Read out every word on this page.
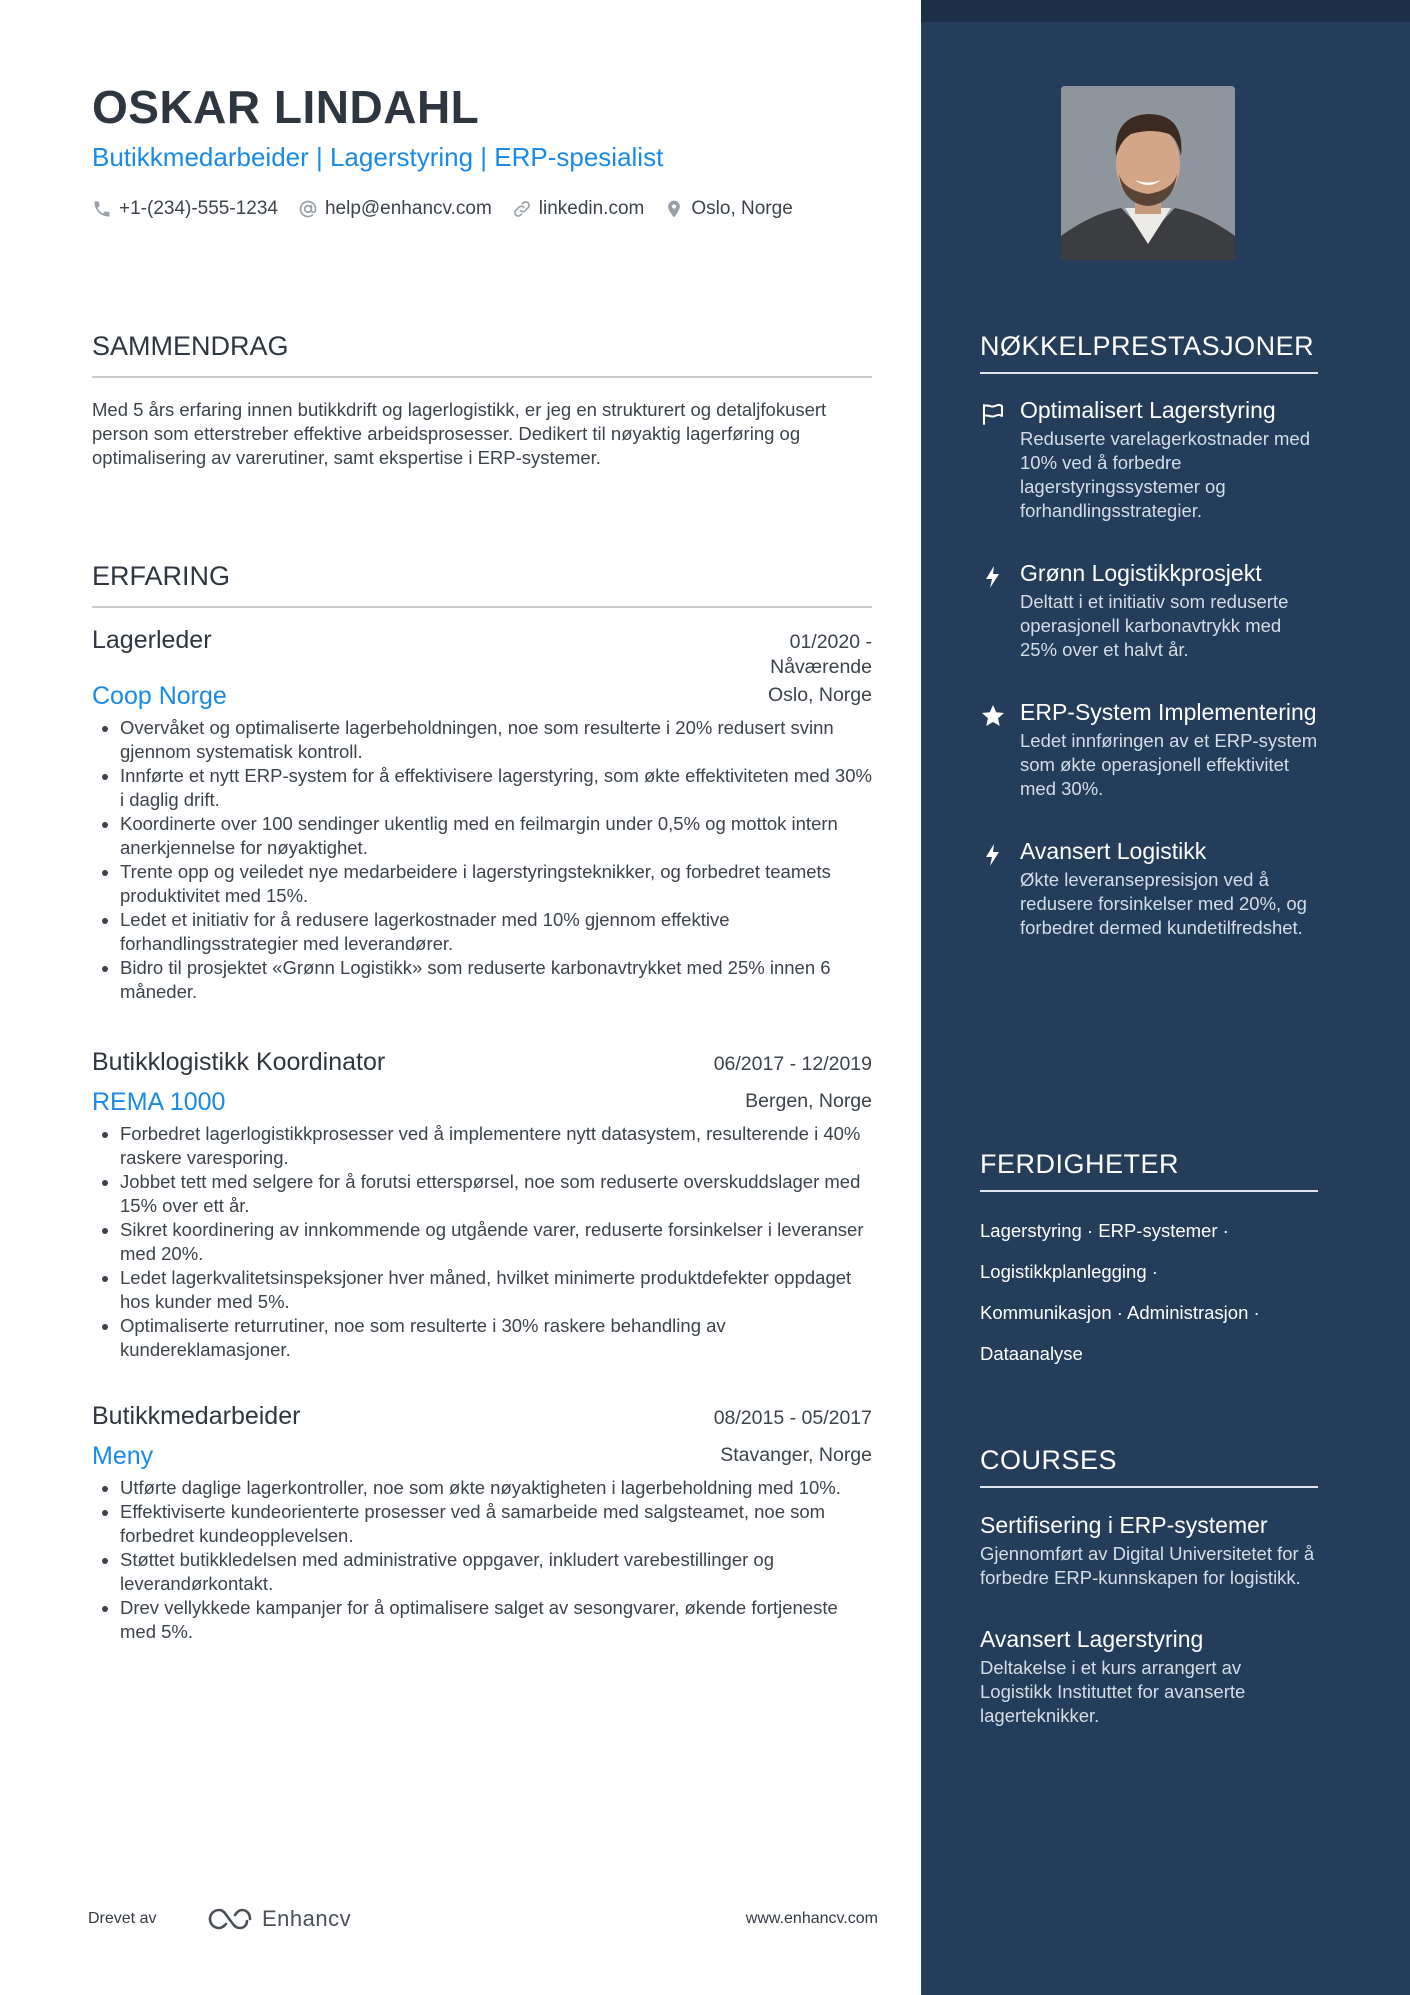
OSKAR LINDAHL
Butikkmedarbeider | Lagerstyring | ERP-spesialist
+1-(234)-555-1234 help@enhancv.com linkedin.com Oslo, Norge
SAMMENDRAG
Med 5 års erfaring innen butikkdrift og lagerlogistikk, er jeg en strukturert og detaljfokusert person som etterstreber effektive arbeidsprosesser. Dedikert til nøyaktig lagerføring og optimalisering av varerutiner, samt ekspertise i ERP-systemer.
ERFARING
Lagerleder	01/2020 - Nåværende
Coop Norge	Oslo, Norge
• Overvåket og optimaliserte lagerbeholdningen, noe som resulterte i 20% redusert svinn gjennom systematisk kontroll.
• Innførte et nytt ERP-system for å effektivisere lagerstyring, som økte effektiviteten med 30% i daglig drift.
• Koordinerte over 100 sendinger ukentlig med en feilmargin under 0,5% og mottok intern anerkjennelse for nøyaktighet.
• Trente opp og veiledet nye medarbeidere i lagerstyringsteknikker, og forbedret teamets produktivitet med 15%.
• Ledet et initiativ for å redusere lagerkostnader med 10% gjennom effektive forhandlingsstrategier med leverandører.
• Bidro til prosjektet «Grønn Logistikk» som reduserte karbonavtrykket med 25% innen 6 måneder.
Butikklogistikk Koordinator	06/2017 - 12/2019
REMA 1000	Bergen, Norge
• Forbedret lagerlogistikkprosesser ved å implementere nytt datasystem, resulterende i 40% raskere varesporing.
• Jobbet tett med selgere for å forutsi etterspørsel, noe som reduserte overskuddslager med 15% over ett år.
• Sikret koordinering av innkommende og utgående varer, reduserte forsinkelser i leveranser med 20%.
• Ledet lagerkvalitetsinspeksjoner hver måned, hvilket minimerte produktdefekter oppdaget hos kunder med 5%.
• Optimaliserte returrutiner, noe som resulterte i 30% raskere behandling av kundereklamasjoner.
Butikkmedarbeider	08/2015 - 05/2017
Meny	Stavanger, Norge
• Utførte daglige lagerkontroller, noe som økte nøyaktigheten i lagerbeholdning med 10%.
• Effektiviserte kundeorienterte prosesser ved å samarbeide med salgsteamet, noe som forbedret kundeopplevelsen.
• Støttet butikkledelsen med administrative oppgaver, inkludert varebestillinger og leverandørkontakt.
• Drev vellykkede kampanjer for å optimalisere salget av sesongvarer, økende fortjeneste med 5%.
Drevet av	Enhancv	www.enhancv.com
NØKKELPRESTASJONER
Optimalisert Lagerstyring
Reduserte varelagerkostnader med 10% ved å forbedre lagerstyringssystemer og forhandlingsstrategier.
Grønn Logistikkprosjekt
Deltatt i et initiativ som reduserte operasjonell karbonavtrykk med 25% over et halvt år.
ERP-System Implementering
Ledet innføringen av et ERP-system som økte operasjonell effektivitet med 30%.
Avansert Logistikk
Økte leveransepresisjon ved å redusere forsinkelser med 20%, og forbedret dermed kundetilfredshet.
FERDIGHETER
Lagerstyring · ERP-systemer ·
Logistikkplanlegging ·
Kommunikasjon · Administrasjon ·
Dataanalyse
COURSES
Sertifisering i ERP-systemer
Gjennomført av Digital Universitetet for å forbedre ERP-kunnskapen for logistikk.
Avansert Lagerstyring
Deltakelse i et kurs arrangert av Logistikk Instituttet for avanserte lagerteknikker.
